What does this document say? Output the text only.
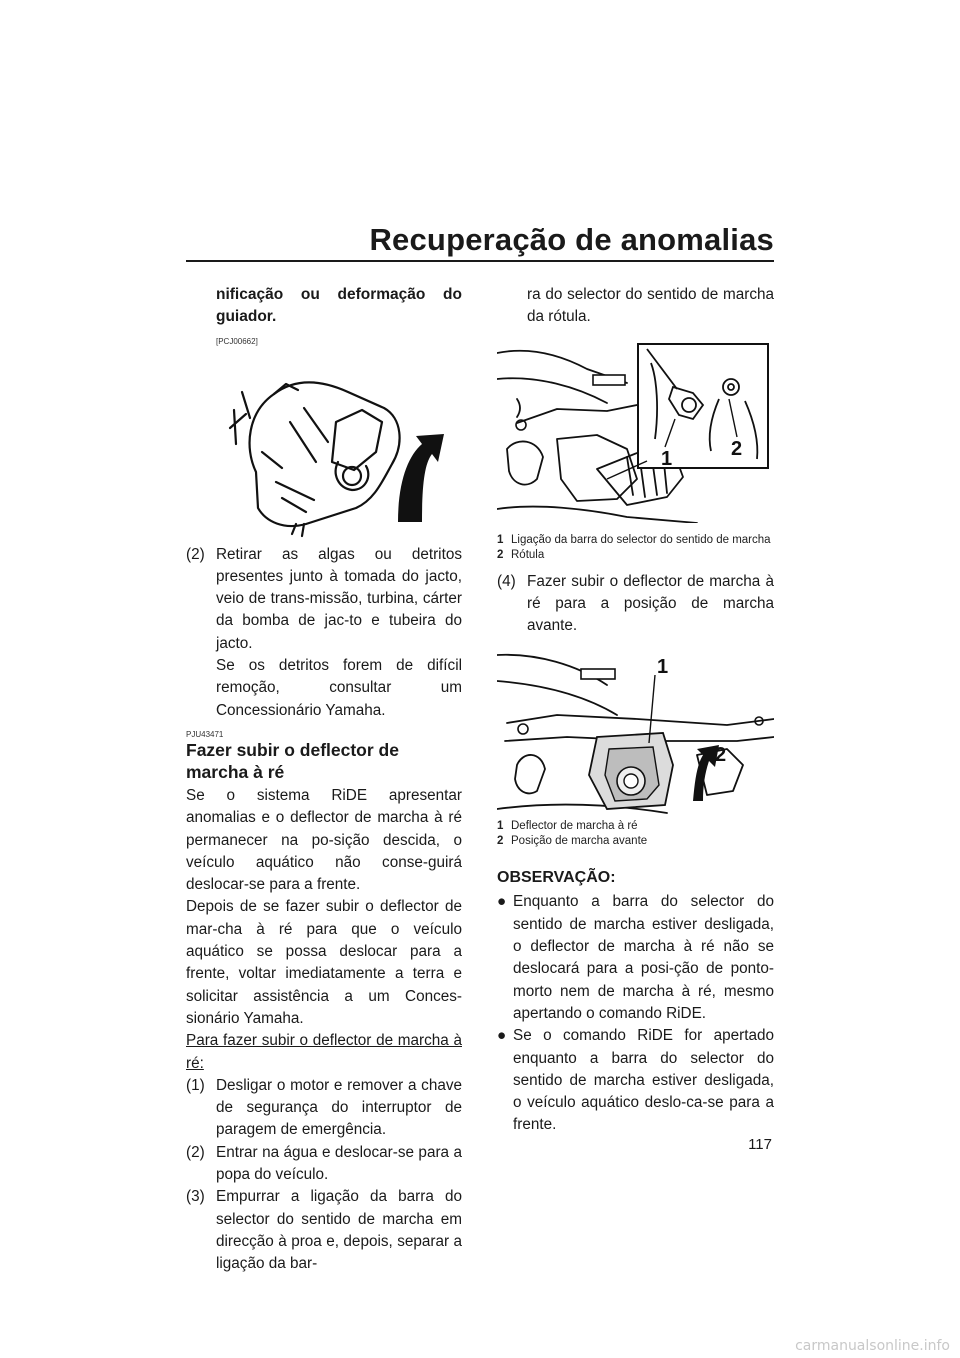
Recuperação de anomalias

nificação ou deformação do guiador.

[PCJ00662]

(2) Retirar as algas ou detritos presentes junto à tomada do jacto, veio de trans-missão, turbina, cárter da bomba de jac-to e tubeira do jacto.
Se os detritos forem de difícil remoção, consultar um Concessionário Yamaha.

PJU43471

Fazer subir o deflector de marcha à ré

Se o sistema RiDE apresentar anomalias e o deflector de marcha à ré permanecer na po-sição descida, o veículo aquático não conse-guirá deslocar-se para a frente.

Depois de se fazer subir o deflector de mar-cha à ré para que o veículo aquático se possa deslocar para a frente, voltar imediatamente a terra e solicitar assistência a um Conces-sionário Yamaha.

Para fazer subir o deflector de marcha à ré:

(1) Desligar o motor e remover a chave de segurança do interruptor de paragem de emergência.
(2) Entrar na água e deslocar-se para a popa do veículo.
(3) Empurrar a ligação da barra do selector do sentido de marcha em direcção à proa e, depois, separar a ligação da bar-

ra do selector do sentido de marcha da rótula.

1	2
1 Ligação da barra do selector do sentido de marcha
2 Rótula
(4) Fazer subir o deflector de marcha à ré para a posição de marcha avante.
1
2
1 Deflector de marcha à ré
2 Posição de marcha avante

OBSERVAÇÃO:

● Enquanto a barra do selector do sentido de marcha estiver desligada, o deflector de marcha à ré não se deslocará para a posi-ção de ponto-morto nem de marcha à ré, mesmo apertando o comando RiDE.
● Se o comando RiDE for apertado enquanto a barra do selector do sentido de marcha estiver desligada, o veículo aquático deslo-ca-se para a frente.
117
carmanualsonline.info
